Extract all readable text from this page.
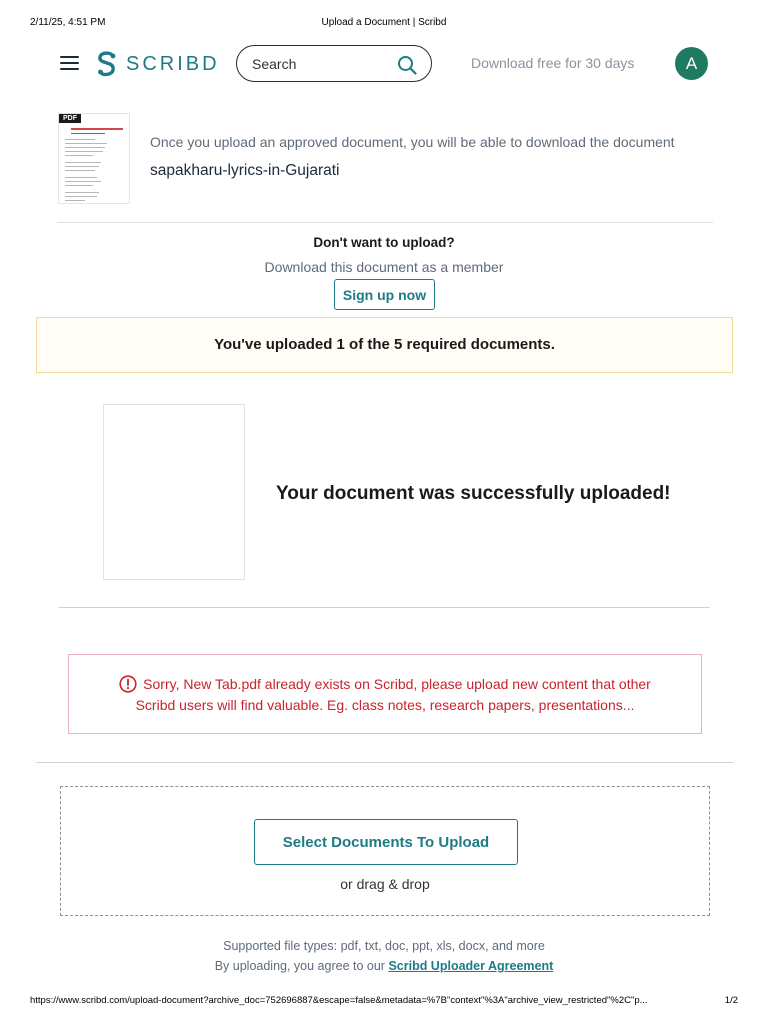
2/11/25, 4:51 PM	Upload a Document | Scribd
SCRIBD
Search	Download free for 30 days	A
PDF
Once you upload an approved document, you will be able to download the document
sapakharu-lyrics-in-Gujarati
Don't want to upload?
Download this document as a member
Sign up now
You've uploaded 1 of the 5 required documents.
Your document was successfully uploaded!
Sorry, New Tab.pdf already exists on Scribd, please upload new content that other
Scribd users will find valuable. Eg. class notes, research papers, presentations...
Select Documents To Upload
or drag & drop
Supported file types: pdf, txt, doc, ppt, xls, docx, and more
By uploading, you agree to our Scribd Uploader Agreement
https://www.scribd.com/upload-document?archive_doc=752696887&escape=false&metadata=%7B"context"%3A"archive_view_restricted"%2C"p...	1/2
